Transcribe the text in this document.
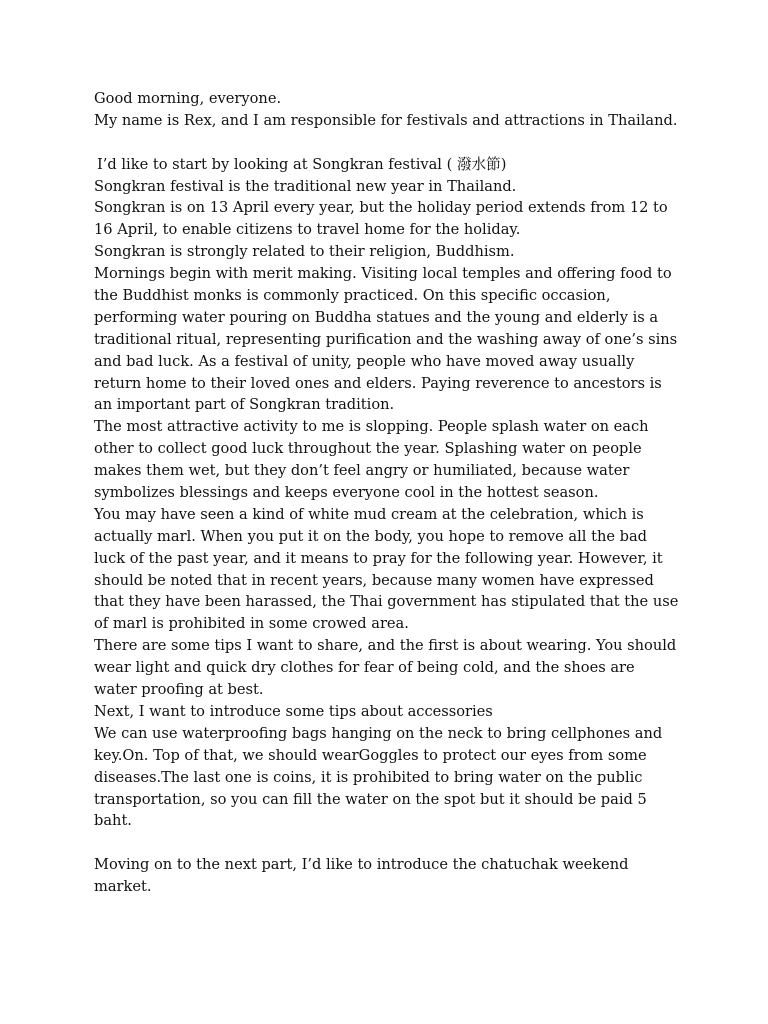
Good morning, everyone.
My name is Rex, and I am responsible for festivals and attractions in Thailand.
I’d like to start by looking at Songkran festival ( 潑水節)
Songkran festival is the traditional new year in Thailand.
Songkran is on 13 April every year, but the holiday period extends from 12 to
16 April, to enable citizens to travel home for the holiday.
Songkran is strongly related to their religion, Buddhism.
Mornings begin with merit making. Visiting local temples and offering food to
the Buddhist monks is commonly practiced. On this specific occasion,
performing water pouring on Buddha statues and the young and elderly is a
traditional ritual, representing purification and the washing away of one’s sins
and bad luck. As a festival of unity, people who have moved away usually
return home to their loved ones and elders. Paying reverence to ancestors is
an important part of Songkran tradition.
The most attractive activity to me is slopping. People splash water on each
other to collect good luck throughout the year. Splashing water on people
makes them wet, but they don’t feel angry or humiliated, because water
symbolizes blessings and keeps everyone cool in the hottest season.
You may have seen a kind of white mud cream at the celebration, which is
actually marl. When you put it on the body, you hope to remove all the bad
luck of the past year, and it means to pray for the following year. However, it
should be noted that in recent years, because many women have expressed
that they have been harassed, the Thai government has stipulated that the use
of marl is prohibited in some crowed area.
There are some tips I want to share, and the first is about wearing. You should
wear light and quick dry clothes for fear of being cold, and the shoes are
water proofing at best.
Next, I want to introduce some tips about accessories
We can use waterproofing bags hanging on the neck to bring cellphones and
key.On. Top of that, we should wearGoggles to protect our eyes from some
diseases.The last one is coins, it is prohibited to bring water on the public
transportation, so you can fill the water on the spot but it should be paid 5
baht.
Moving on to the next part, I’d like to introduce the chatuchak weekend
market.
